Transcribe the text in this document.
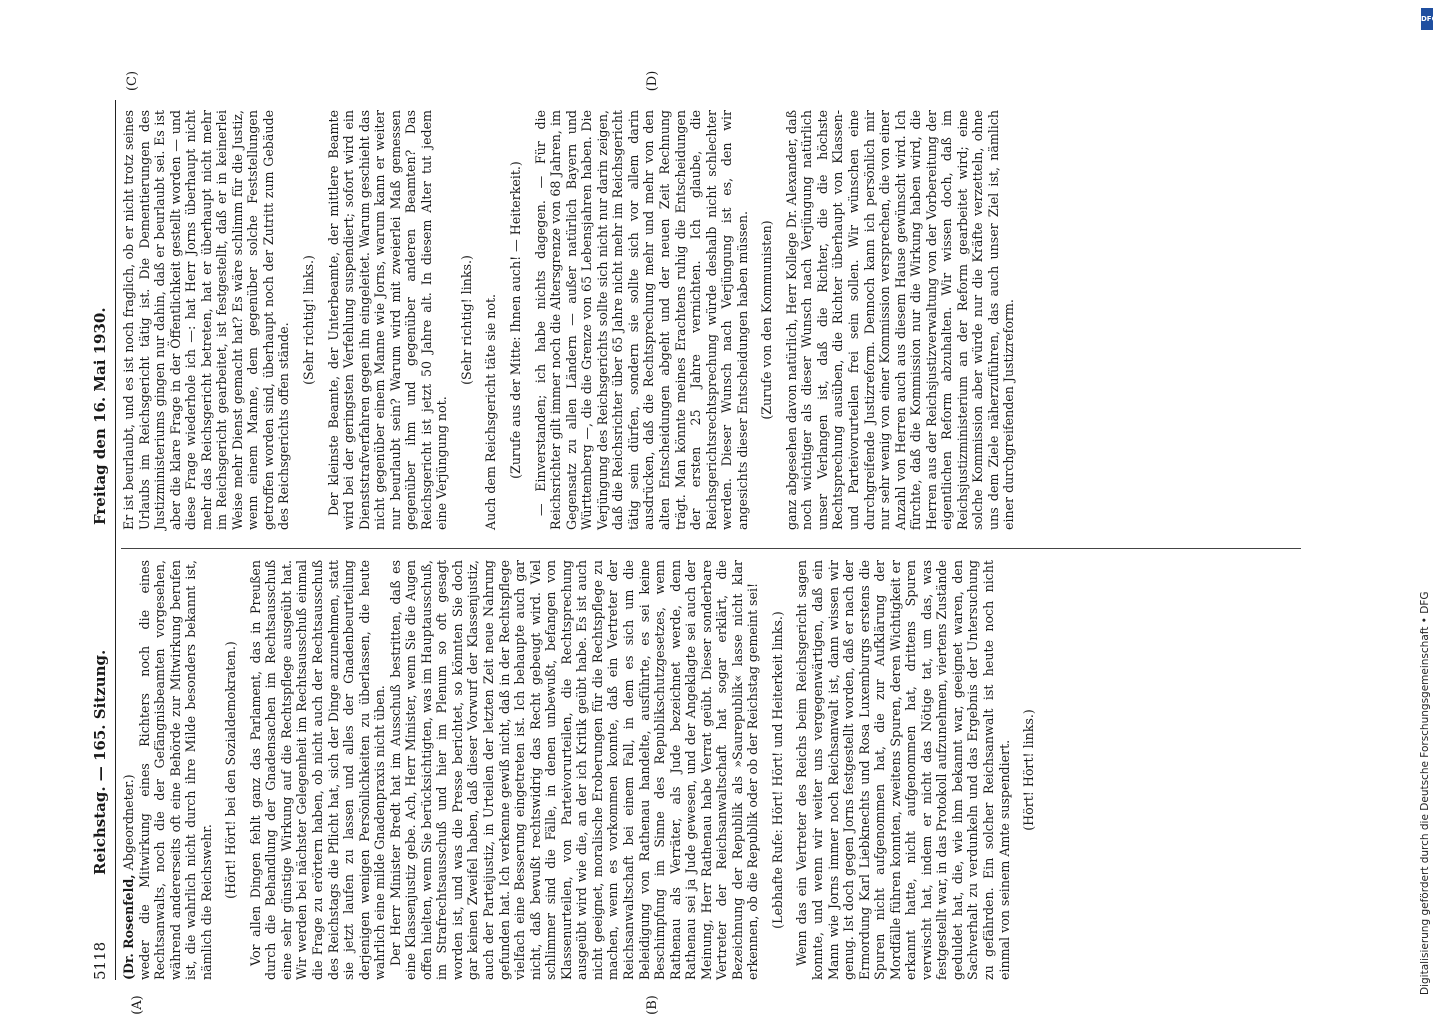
5118
Reichstag. — 165. Sitzung.
Freitag den 16. Mai 1930.

(Dr. Rosenfeld, Abgeordneter.) weder die Mitwirkung eines Richters noch die eines Rechtsanwalts, noch die der Gefängnisbeamten vorgesehen, während andererseits oft eine Behörde zur Mitwirkung berufen ist, die wahrlich nicht durch ihre Milde besonders bekannt ist, nämlich die Reichswehr.

(Hört! Hört! bei den Sozialdemokraten.) Vor allen Dingen fehlt ganz das Parlament, das in Preußen durch die Behandlung der Gnadensachen im Rechtsausschuß eine sehr günstige Wirkung auf die Rechtspflege ausgeübt hat. Wir werden bei nächster Gelegenheit im Rechtsausschuß einmal die Frage zu erörtern haben, ob nicht auch der Rechtsausschuß des Reichstags die Pflicht hat, sich der Dinge anzunehmen, statt sie jetzt laufen zu lassen und alles der Gnadenbeurteilung derjenigen wenigen Persönlichkeiten zu überlassen, die heute wahrlich eine milde Gnadenpraxis nicht üben. Der Herr Minister Bredt hat im Ausschuß bestritten, daß es eine Klassenjustiz gebe. Ach, Herr Minister, wenn Sie die Augen offen hielten, wenn Sie berücksichtigten, was im Hauptausschuß, im Strafrechtsausschuß und hier im Plenum so oft gesagt worden ist, und was die Presse berichtet, so könnten Sie doch gar keinen Zweifel haben, daß dieser Vorwurf der Klassenjustiz, auch der Parteijustiz, in Urteilen der letzten Zeit neue Nahrung gefunden hat. Ich verkenne gewiß nicht, daß in der Rechtspflege vielfach eine Besserung eingetreten ist. Ich behaupte auch gar nicht, daß bewußt rechtswidrig das Recht gebeugt wird. Viel schlimmer sind die Fälle, in denen unbewußt, befangen von Klassenurteilen, von Parteivorurteilen, die Rechtsprechung ausgeübt wird wie die, an der ich Kritik geübt habe. Es ist auch nicht geeignet, moralische Eroberungen für die Rechtspflege zu machen, wenn es vorkommen konnte, daß ein Vertreter der Reichsanwaltschaft bei einem Fall, in dem es sich um die Beleidigung von Rathenau handelte, ausführte, es sei keine Beschimpfung im Sinne des Republikschutzgesetzes, wenn Rathenau als Verräter, als Jude bezeichnet werde, denn Rathenau sei ja Jude gewesen, und der Angeklagte sei auch der Meinung, Herr Rathenau habe Verrat geübt. Dieser sonderbare Vertreter der Reichsanwaltschaft hat sogar erklärt, die Bezeichnung der Republik als »Saurepublik« lasse nicht klar erkennen, ob die Republik oder ob der Reichstag gemeint sei! (Lebhafte Rufe: Hört! Hört! und Heiterkeit links.) Wenn das ein Vertreter des Reichs beim Reichsgericht sagen konnte, und wenn wir weiter uns vergegenwärtigen, daß ein Mann wie Jorns immer noch Reichsanwalt ist, dann wissen wir genug. Ist doch gegen Jorns festgestellt worden, daß er nach der Ermordung Karl Liebknechts und Rosa Luxemburgs erstens die Spuren nicht aufgenommen hat, die zur Aufklärung der Mordfälle führen konnten, zweitens Spuren, deren Wichtigkeit er erkannt hatte, nicht aufgenommen hat, drittens Spuren verwischt hat, indem er nicht das Nötige tat, um das, was festgestellt war, in das Protokoll aufzunehmen, viertens Zustände geduldet hat, die, wie ihm bekannt war, geeignet waren, den Sachverhalt zu verdunkeln und das Ergebnis der Untersuchung zu gefährden. Ein solcher Reichsanwalt ist heute noch nicht einmal von seinem Amte suspendiert. (Hört! Hört! links.)

Er ist beurlaubt, und es ist noch fraglich, ob er nicht trotz seines Urlaubs im Reichsgericht tätig ist. Die Dementierungen des Justizministeriums gingen nur dahin, daß er beurlaubt sei. Es ist aber die klare Frage in der Öffentlichkeit gestellt worden — und diese Frage wiederhole ich —: hat Herr Jorns überhaupt nicht mehr das Reichsgericht betreten, hat er überhaupt nicht mehr im Reichsgericht gearbeitet, ist festgestellt, daß er in keinerlei Weise mehr Dienst gemacht hat? Es wäre schlimm für die Justiz, wenn einem Manne, dem gegenüber solche Feststellungen getroffen worden sind, überhaupt noch der Zutritt zum Gebäude des Reichsgerichts offen stände.

(Sehr richtig! links.) Der kleinste Beamte, der Unterbeamte, der mittlere Beamte wird bei der geringsten Verfehlung suspendiert; sofort wird ein Dienststrafverfahren gegen ihn eingeleitet. Warum geschieht das nicht gegenüber einem Manne wie Jorns, warum kann er weiter nur beurlaubt sein? Warum wird mit zweierlei Maß gemessen gegenüber ihm und gegenüber anderen Beamten? Das Reichsgericht ist jetzt 50 Jahre alt. In diesem Alter tut jedem eine Verjüngung not.

(Sehr richtig! links.) Auch dem Reichsgericht täte sie not. (Zurufe aus der Mitte: Ihnen auch! — Heiterkeit.) — Einverstanden; ich habe nichts dagegen. — Für die Reichsrichter gilt immer noch die Altersgrenze von 68 Jahren, im Gegensatz zu allen Ländern — außer natürlich Bayern und Württemberg —, die die Grenze von 65 Lebensjahren haben. Die Verjüngung des Reichsgerichts sollte sich nicht nur darin zeigen, daß die Reichsrichter über 65 Jahre nicht mehr im Reichsgericht tätig sein dürfen, sondern sie sollte sich vor allem darin ausdrücken, daß die Rechtsprechung mehr und mehr von den alten Entscheidungen abgeht und der neuen Zeit Rechnung trägt. Man könnte meines Erachtens ruhig die Entscheidungen der ersten 25 Jahre vernichten. Ich glaube, die Reichsgerichtsrechtsprechung würde deshalb nicht schlechter werden. Dieser Wunsch nach Verjüngung ist es, den wir angesichts dieser Entscheidungen haben müssen. (Zurufe von den Kommunisten) ganz abgesehen davon natürlich, Herr Kollege Dr. Alexander, daß noch wichtiger als dieser Wunsch nach Verjüngung natürlich unser Verlangen ist, daß die Richter, die die höchste Rechtsprechung ausüben, die Richter überhaupt von Klassen- und Parteivorurteilen frei sein sollen. Wir wünschen eine durchgreifende Justizreform. Dennoch kann ich persönlich mir nur sehr wenig von einer Kommission versprechen, die von einer Anzahl von Herren auch aus diesem Hause gewünscht wird. Ich fürchte, daß die Kommission nur die Wirkung haben wird, die Herren aus der Reichsjustizverwaltung von der Vorbereitung der eigentlichen Reform abzuhalten. Wir wissen doch, daß im Reichsjustizministerium an der Reform gearbeitet wird; eine solche Kommission aber würde nur die Kräfte verzetteln, ohne uns dem Ziele näherzuführen, das auch unser Ziel ist, nämlich einer durchgreifenden Justizreform.

(A)	(B)
(C)	(D)
DFG
Digitalisierung gefördert durch die Deutsche Forschungsgemeinschaft • DFG
